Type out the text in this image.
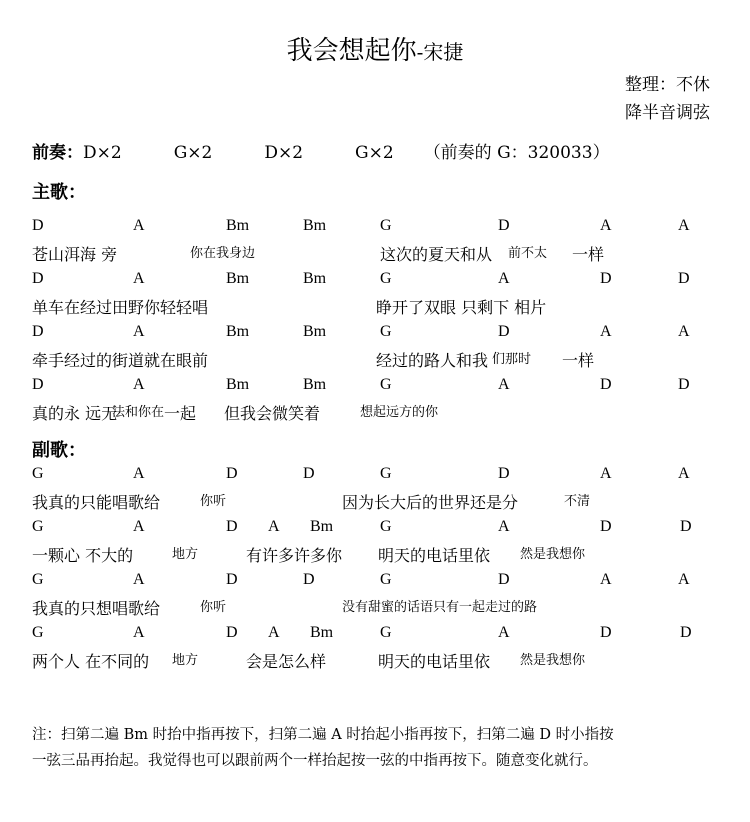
我会想起你-宋捷
整理：不休
降半音调弦
前奏：D×2	G×2	D×2	G×2 （前奏的 G：320033）
主歌：
副歌：
D	A	Bm	Bm	G	D	A	A
苍山洱海 旁	你在我身边	这次的夏天和从 前不太 一样
D	A	Bm	Bm	G	A	D	D
单车在经过田野你轻轻唱	睁开了双眼 只剩下 相片
D	A	Bm	Bm	G	D	A	A
牵手经过的街道就在眼前	经过的路人和我 们那时 一样
D	A	Bm	Bm	G	A	D	D
真的永 远无
法和你在 一起 但我会微笑着	想起远方的你
G	A	D	D	G	D	A	A
我真的只能唱歌给	你听	因为长大后的世界还是分	不清
G	A	D A Bm	G	A	D	D
一颗心 不大的	地方	有许多许多你 明天的电话里依 然是我想你
G	A	D	D	G	D	A	A
我真的只想唱歌给	你听	没有甜蜜的话语只有一起走过的路
G	A	D A Bm	G	A	D	D
两个人 在不同的 地方	会是怎么样	明天的电话里依 然是我想你
注：扫第二遍 Bm 时抬中指再按下，扫第二遍 A 时抬起小指再按下，扫第二遍 D 时小指按
一弦三品再抬起。我觉得也可以跟前两个一样抬起按一弦的中指再按下。随意变化就行。
